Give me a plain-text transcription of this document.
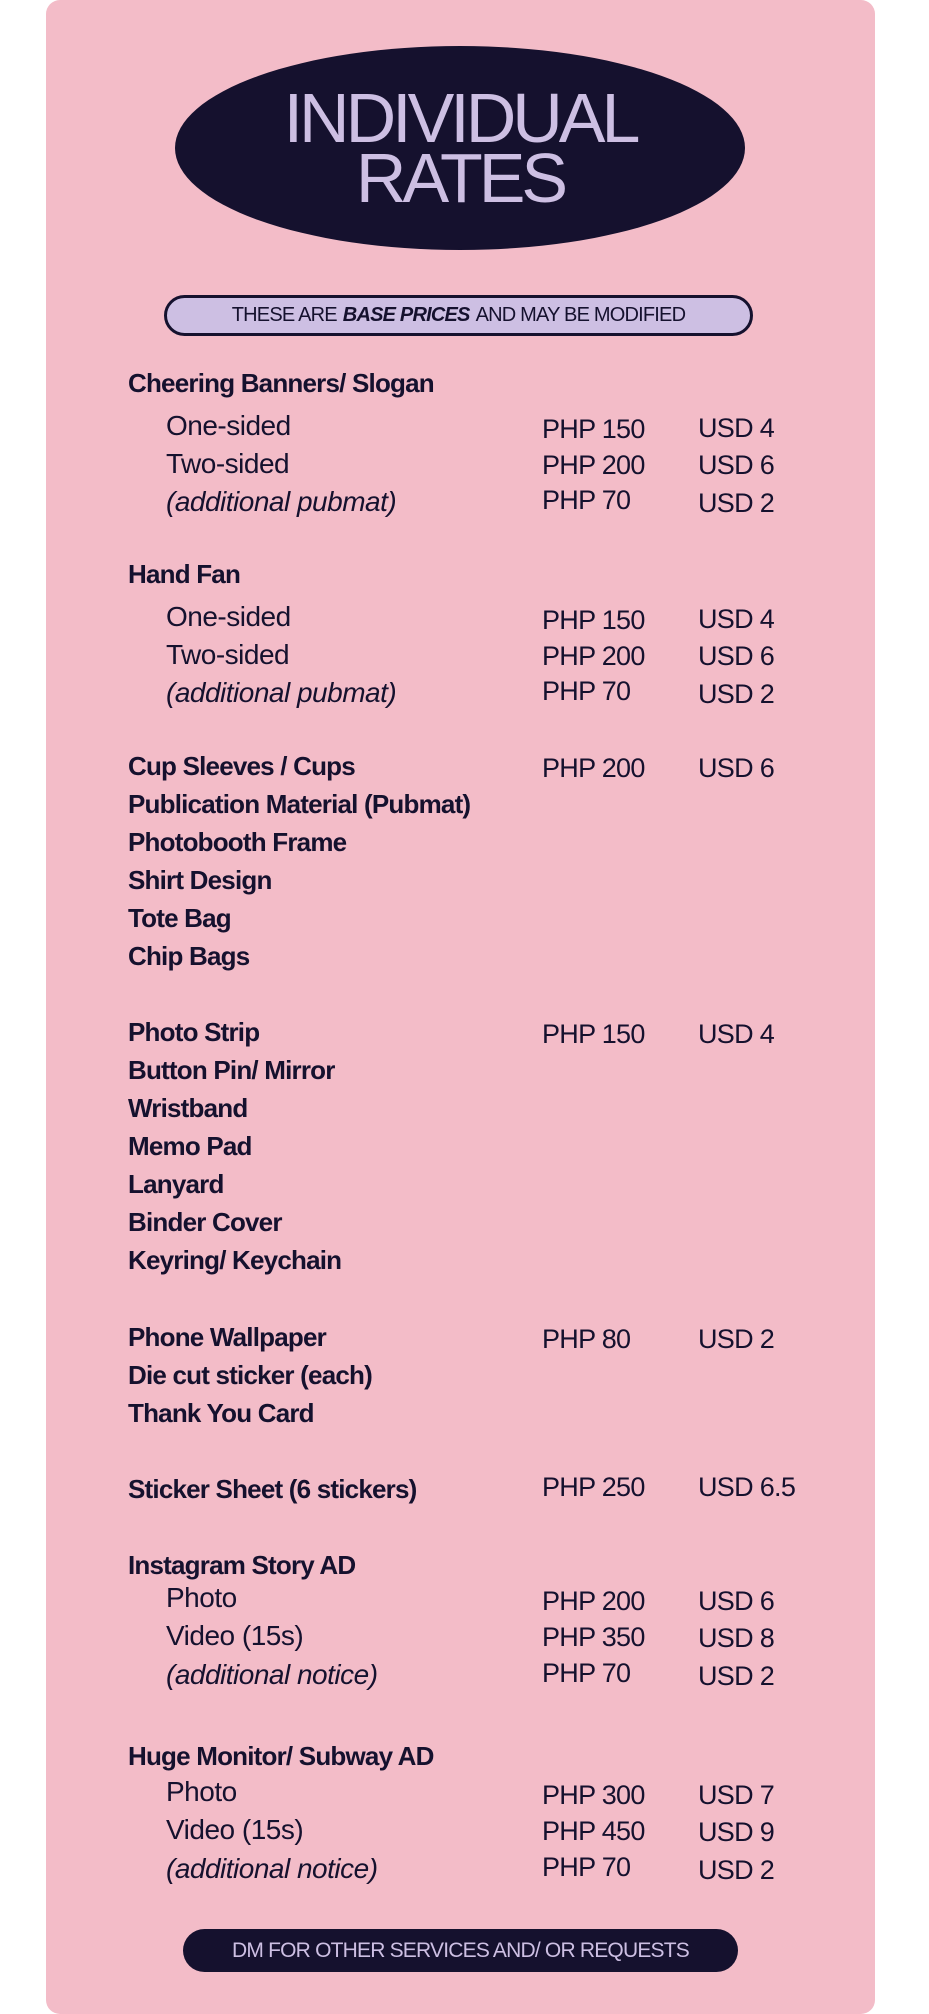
INDIVIDUAL
RATES
THESE ARE BASE PRICES AND MAY BE MODIFIED
Cheering Banners/ Slogan
One-sided	PHP 150 USD 4
Two-sided	PHP 200 USD 6
(additional pubmat)	PHP 70	USD 2
Hand Fan
One-sided	PHP 150 USD 4
Two-sided	PHP 200 USD 6
(additional pubmat)	PHP 70	USD 2
Cup Sleeves / Cups	PHP 200 USD 6
Publication Material (Pubmat)
Photobooth Frame
Shirt Design
Tote Bag
Chip Bags
Photo Strip	PHP 150 USD 4
Button Pin/ Mirror
Wristband
Memo Pad
Lanyard
Binder Cover
Keyring/ Keychain
Phone Wallpaper	PHP 80	USD 2
Die cut sticker (each)
Thank You Card
Sticker Sheet (6 stickers)	PHP 250 USD 6.5
Instagram Story AD
Photo	PHP 200 USD 6
Video (15s)	PHP 350 USD 8
(additional notice)	PHP 70	USD 2
Huge Monitor/ Subway AD
Photo	PHP 300 USD 7
Video (15s)	PHP 450 USD 9
(additional notice)	PHP 70	USD 2
DM FOR OTHER SERVICES AND/ OR REQUESTS
